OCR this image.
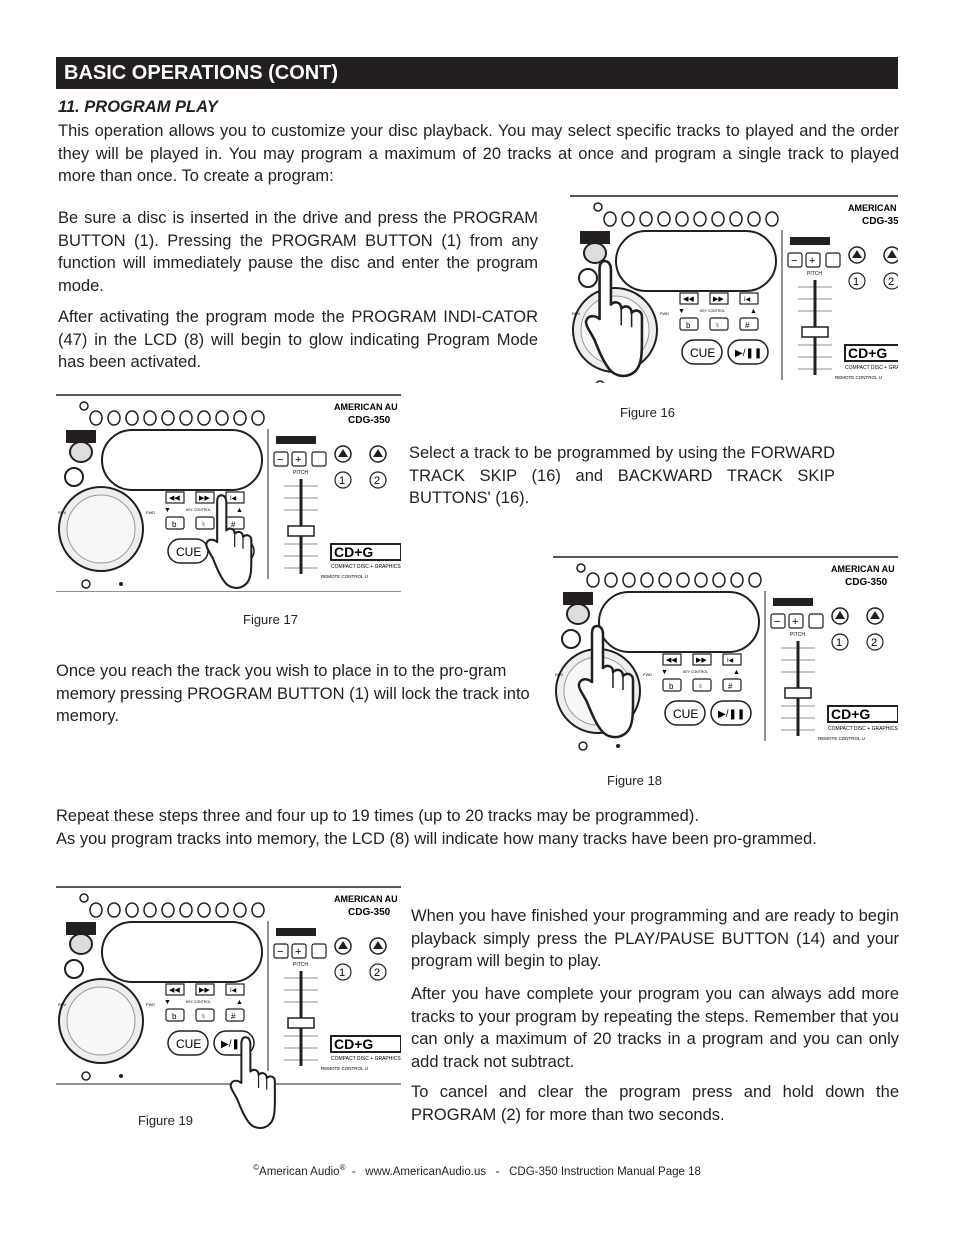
BASIC OPERATIONS (CONT)
11. PROGRAM PLAY

This operation allows you to customize your disc playback. You may select specific tracks to played and the order they will be played in. You may program a maximum of 20 tracks at once and program a single track to played more than once. To create a program:

Be sure a disc is inserted in the drive and press the PROGRAM BUTTON (1). Pressing the PROGRAM BUTTON (1) from any function will immediately pause the disc and enter the program mode.

After activating the program mode the PROGRAM INDI-CATOR (47) in the LCD (8) will begin to glow indicating Program Mode has been activated.

Select a track to be programmed by using the FORWARD TRACK SKIP (16) and BACKWARD TRACK SKIP BUTTONS' (16).

Once you reach the track you wish to place in to the pro-gram memory pressing PROGRAM BUTTON (1) will lock the track into memory.

Repeat these steps three and four up to 19 times (up to 20 tracks may be programmed).

As you program tracks into memory, the LCD (8) will indicate how many tracks have been pro-grammed.

When you have finished your programming and are ready to begin playback simply press the PLAY/PAUSE BUTTON (14) and your program will begin to play.

After you have complete your program you can always add more tracks to your program by repeating the steps. Remember that you can only a maximum of 20 tracks in a program and you can only add track not subtract.

To cancel and clear the program press and hold down the PROGRAM (2) for more than two seconds.

Figure 16
Figure 17
Figure 18
Figure 19
©American Audio®  -   www.AmericanAudio.us   -   CDG-350 Instruction Manual Page 18
